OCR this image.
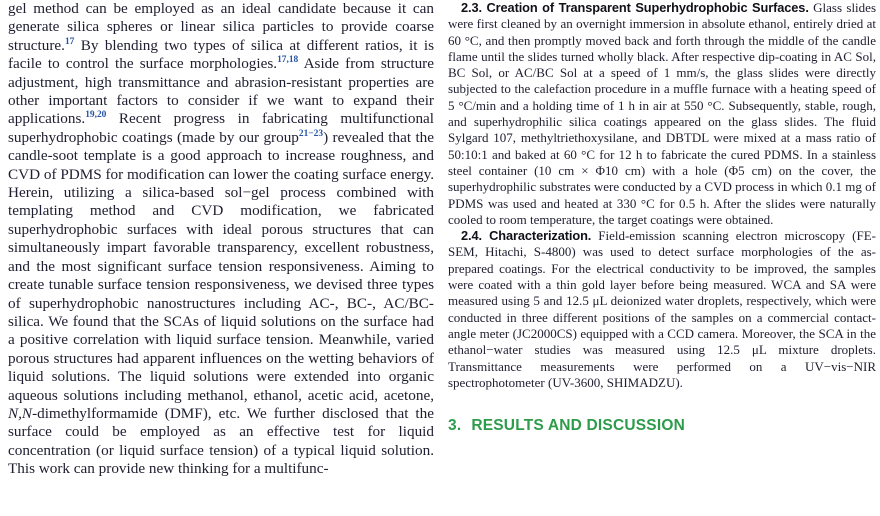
gel method can be employed as an ideal candidate because it can generate silica spheres or linear silica particles to provide coarse structure.$^{17}$ By blending two types of silica at different ratios, it is facile to control the surface morphologies.$^{17,18}$ Aside from structure adjustment, high transmittance and abrasion-resistant properties are other important factors to consider if we want to expand their applications.$^{19,20}$ Recent progress in fabricating multifunctional superhydrophobic coatings (made by our group$^{21-23}$) revealed that the candle-soot template is a good approach to increase roughness, and CVD of PDMS for modification can lower the coating surface energy. Herein, utilizing a silica-based sol−gel process combined with templating method and CVD modification, we fabricated superhydrophobic surfaces with ideal porous structures that can simultaneously impart favorable transparency, excellent robustness, and the most significant surface tension responsiveness. Aiming to create tunable surface tension responsiveness, we devised three types of superhydrophobic nanostructures including AC-, BC-, AC/BC-silica. We found that the SCAs of liquid solutions on the surface had a positive correlation with liquid surface tension. Meanwhile, varied porous structures had apparent influences on the wetting behaviors of liquid solutions. The liquid solutions were extended into organic aqueous solutions including methanol, ethanol, acetic acid, acetone, N,N-dimethylformamide (DMF), etc. We further disclosed that the surface could be employed as an effective test for liquid concentration (or liquid surface tension) of a typical liquid solution. This work can provide new thinking for a multifunc-

2.3. Creation of Transparent Superhydrophobic Surfaces. Glass slides were first cleaned by an overnight immersion in absolute ethanol, entirely dried at 60 °C, and then promptly moved back and forth through the middle of the candle flame until the slides turned wholly black. After respective dip-coating in AC Sol, BC Sol, or AC/BC Sol at a speed of 1 mm/s, the glass slides were directly subjected to the calefaction procedure in a muffle furnace with a heating speed of 5 °C/min and a holding time of 1 h in air at 550 °C. Subsequently, stable, rough, and superhydrophilic silica coatings appeared on the glass slides. The fluid Sylgard 107, methyltriethoxysilane, and DBTDL were mixed at a mass ratio of 50:10:1 and baked at 60 °C for 12 h to fabricate the cured PDMS. In a stainless steel container (10 cm × Φ10 cm) with a hole (Φ5 cm) on the cover, the superhydrophilic substrates were conducted by a CVD process in which 0.1 mg of PDMS was used and heated at 330 °C for 0.5 h. After the slides were naturally cooled to room temperature, the target coatings were obtained.

2.4. Characterization. Field-emission scanning electron microscopy (FE-SEM, Hitachi, S-4800) was used to detect surface morphologies of the as-prepared coatings. For the electrical conductivity to be improved, the samples were coated with a thin gold layer before being measured. WCA and SA were measured using 5 and 12.5 μL deionized water droplets, respectively, which were conducted in three different positions of the samples on a commercial contact-angle meter (JC2000CS) equipped with a CCD camera. Moreover, the SCA in the ethanol−water studies was measured using 12.5 μL mixture droplets. Transmittance measurements were performed on a UV−vis−NIR spectrophotometer (UV-3600, SHIMADZU).

3. RESULTS AND DISCUSSION
